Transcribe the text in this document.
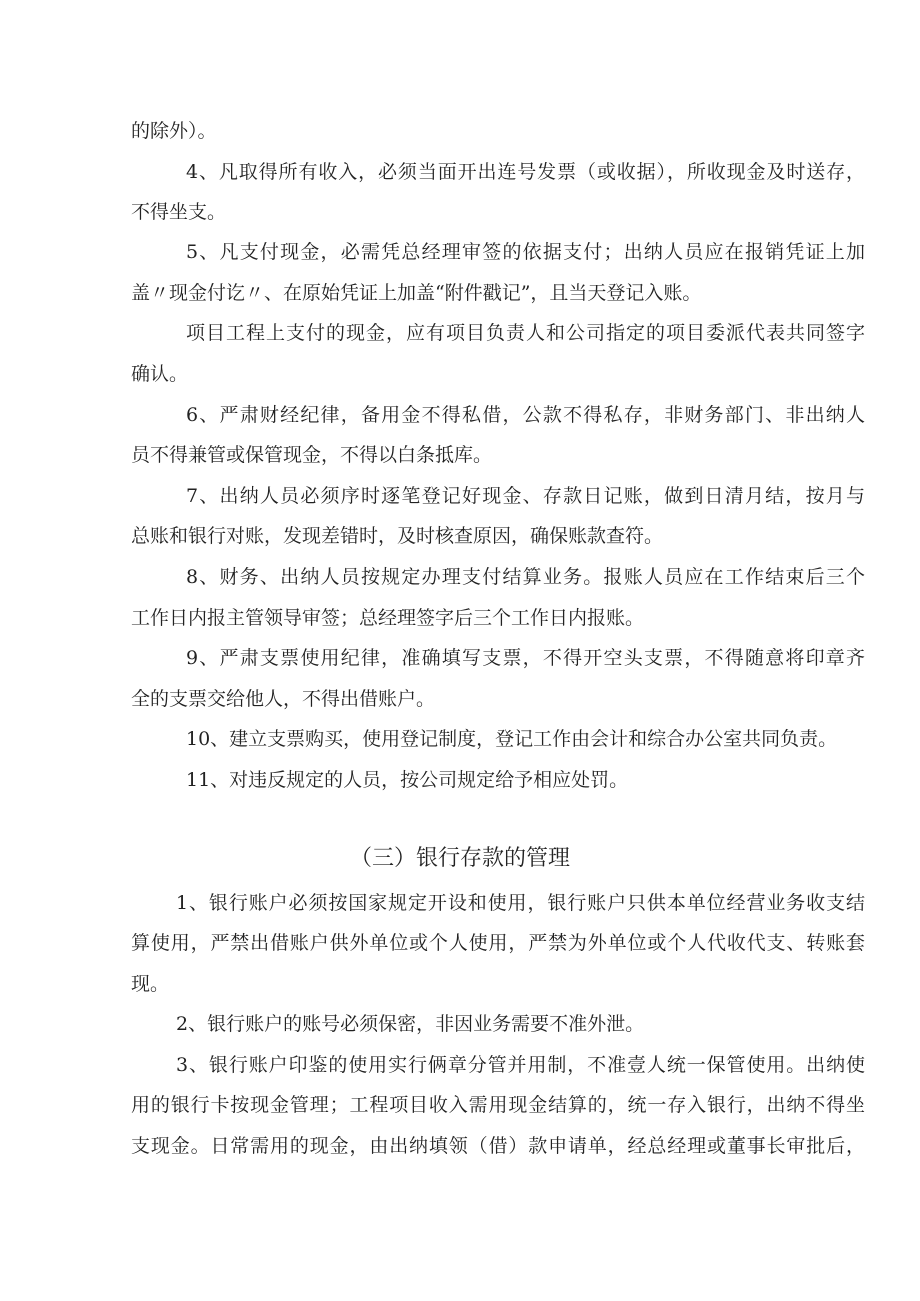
的除外）。

4、凡取得所有收入，必须当面开出连号发票（或收据），所收现金及时送存，

不得坐支。

5、凡支付现金，必需凭总经理审签的依据支付；出纳人员应在报销凭证上加

盖〃现金付讫〃、在原始凭证上加盖“附件戳记”，且当天登记入账。

项目工程上支付的现金，应有项目负责人和公司指定的项目委派代表共同签字

确认。

6、严肃财经纪律，备用金不得私借，公款不得私存，非财务部门、非出纳人

员不得兼管或保管现金，不得以白条抵库。

7、出纳人员必须序时逐笔登记好现金、存款日记账，做到日清月结，按月与

总账和银行对账，发现差错时，及时核查原因，确保账款查符。

8、财务、出纳人员按规定办理支付结算业务。报账人员应在工作结束后三个

工作日内报主管领导审签；总经理签字后三个工作日内报账。

9、严肃支票使用纪律，准确填写支票，不得开空头支票，不得随意将印章齐

全的支票交给他人，不得出借账户。

10、建立支票购买，使用登记制度，登记工作由会计和综合办公室共同负责。

11、对违反规定的人员，按公司规定给予相应处罚。

（三）银行存款的管理

1、银行账户必须按国家规定开设和使用，银行账户只供本单位经营业务收支结

算使用，严禁出借账户供外单位或个人使用，严禁为外单位或个人代收代支、转账套

现。

2、银行账户的账号必须保密，非因业务需要不准外泄。

3、银行账户印鉴的使用实行俩章分管并用制，不准壹人统一保管使用。出纳使

用的银行卡按现金管理；工程项目收入需用现金结算的，统一存入银行，出纳不得坐

支现金。日常需用的现金，由出纳填领（借）款申请单，经总经理或董事长审批后，
